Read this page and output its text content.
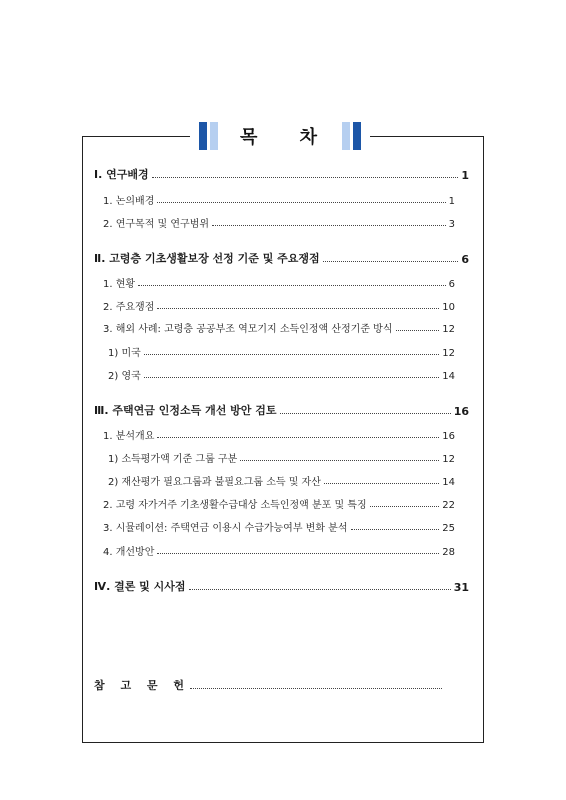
목 차
Ⅰ. 연구배경	1
1. 논의배경	1
2. 연구목적 및 연구범위	3
Ⅱ. 고령층 기초생활보장 선정 기준 및 주요쟁점	6
1. 현황	6
2. 주요쟁점	10
3. 해외 사례: 고령층 공공부조 역모기지 소득인정액 산정기준 방식	12
1) 미국	12
2) 영국	14
Ⅲ. 주택연금 인정소득 개선 방안 검토	16
1. 분석개요	16
1) 소득평가액 기준 그룹 구분	12
2) 재산평가 필요그룹과 불필요그룹 소득 및 자산	14
2. 고령 자가거주 기초생활수급대상 소득인정액 분포 및 특징	22
3. 시뮬레이션: 주택연금 이용시 수급가능여부 변화 분석	25
4. 개선방안	28
Ⅳ. 결론 및 시사점	31
참 고 문 헌
